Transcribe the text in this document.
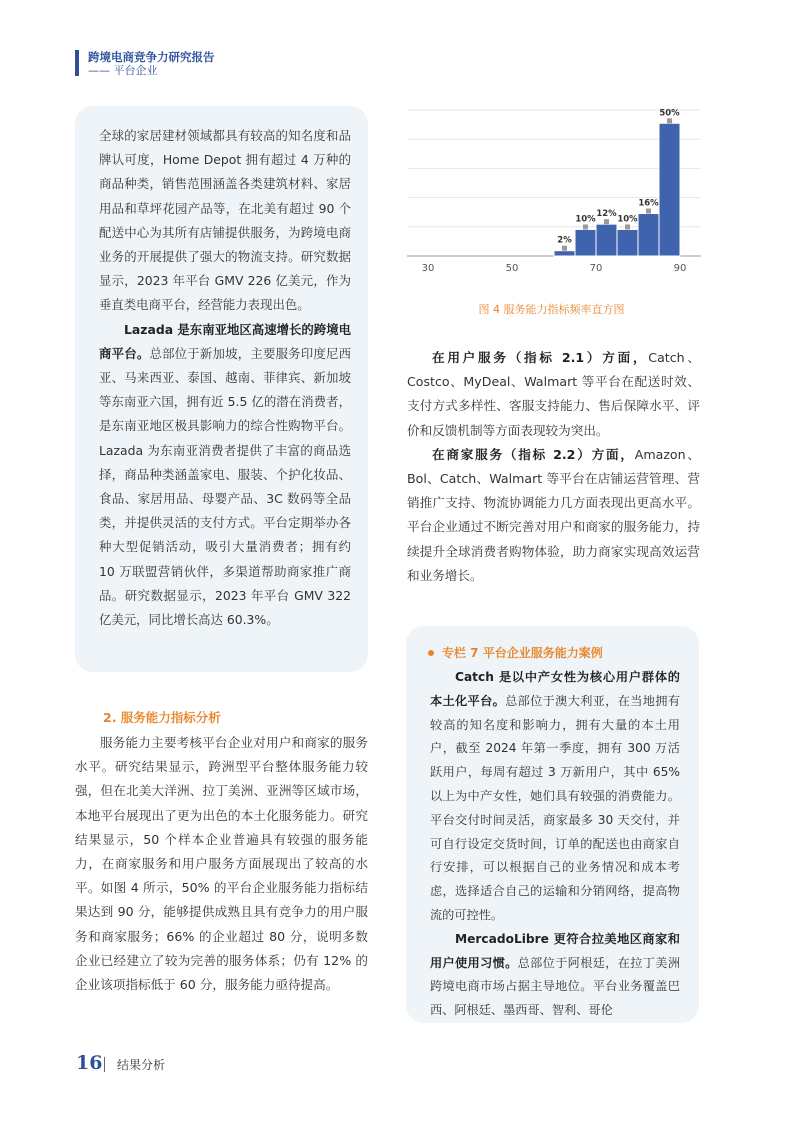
跨境电商竞争力研究报告
—— 平台企业

全球的家居建材领域都具有较高的知名度和品牌认可度，Home Depot 拥有超过 4 万种的商品种类，销售范围涵盖各类建筑材料、家居用品和草坪花园产品等，在北美有超过 90 个配送中心为其所有店铺提供服务，为跨境电商业务的开展提供了强大的物流支持。研究数据显示，2023 年平台 GMV 226 亿美元，作为垂直类电商平台，经营能力表现出色。

Lazada 是东南亚地区高速增长的跨境电商平台。总部位于新加坡，主要服务印度尼西亚、马来西亚、泰国、越南、菲律宾、新加坡等东南亚六国，拥有近 5.5 亿的潜在消费者，是东南亚地区极具影响力的综合性购物平台。Lazada 为东南亚消费者提供了丰富的商品选择，商品种类涵盖家电、服装、个护化妆品、食品、家居用品、母婴产品、3C 数码等全品类，并提供灵活的支付方式。平台定期举办各种大型促销活动，吸引大量消费者；拥有约 10 万联盟营销伙伴，多渠道帮助商家推广商品。研究数据显示，2023 年平台 GMV 322 亿美元，同比增长高达 60.3%。

2. 服务能力指标分析

服务能力主要考核平台企业对用户和商家的服务水平。研究结果显示，跨洲型平台整体服务能力较强，但在北美大洋洲、拉丁美洲、亚洲等区域市场，本地平台展现出了更为出色的本土化服务能力。研究结果显示，50 个样本企业普遍具有较强的服务能力，在商家服务和用户服务方面展现出了较高的水平。如图 4 所示，50% 的平台企业服务能力指标结果达到 90 分，能够提供成熟且具有竞争力的用户服务和商家服务；66% 的企业超过 80 分，说明多数企业已经建立了较为完善的服务体系；仍有 12% 的企业该项指标低于 60 分，服务能力亟待提高。

2%
10%
12%
10%
16%
50%
30	50	70	90
图 4 服务能力指标频率直方图

在用户服务（指标 2.1）方面，Catch、Costco、MyDeal、Walmart 等平台在配送时效、支付方式多样性、客服支持能力、售后保障水平、评价和反馈机制等方面表现较为突出。

在商家服务（指标 2.2）方面，Amazon、Bol、Catch、Walmart 等平台在店铺运营管理、营销推广支持、物流协调能力几方面表现出更高水平。平台企业通过不断完善对用户和商家的服务能力，持续提升全球消费者购物体验，助力商家实现高效运营和业务增长。

专栏 7 平台企业服务能力案例

Catch 是以中产女性为核心用户群体的本土化平台。总部位于澳大利亚，在当地拥有较高的知名度和影响力，拥有大量的本土用户，截至 2024 年第一季度，拥有 300 万活跃用户，每周有超过 3 万新用户，其中 65% 以上为中产女性，她们具有较强的消费能力。平台交付时间灵活，商家最多 30 天交付，并可自行设定交货时间，订单的配送也由商家自行安排，可以根据自己的业务情况和成本考虑，选择适合自己的运输和分销网络，提高物流的可控性。

MercadoLibre 更符合拉美地区商家和用户使用习惯。总部位于阿根廷，在拉丁美洲跨境电商市场占据主导地位。平台业务覆盖巴西、阿根廷、墨西哥、智利、哥伦

16 结果分析
